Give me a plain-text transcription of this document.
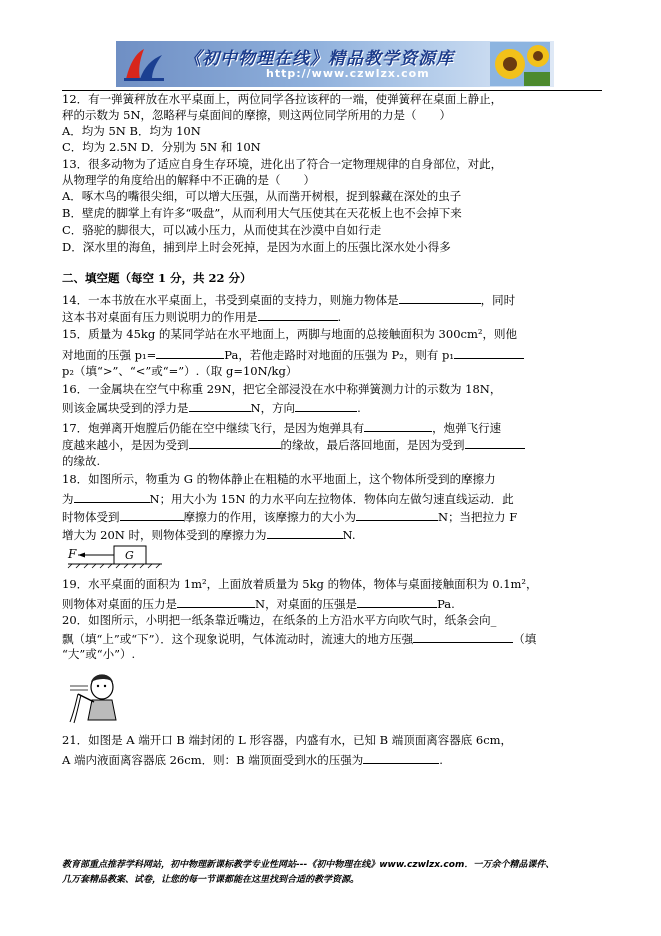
《初中物理在线》精品教学资源库
http://www.czwlzx.com
12．有一弹簧秤放在水平桌面上，两位同学各拉该秤的一端，使弹簧秤在桌面上静止，
秤的示数为 5N，忽略秤与桌面间的摩擦，则这两位同学所用的力是（　　）
A．均为 5N B．均为 10N
C．均为 2.5N D．分别为 5N 和 10N
13．很多动物为了适应自身生存环境，进化出了符合一定物理规律的自身部位，对此，
从物理学的角度给出的解释中不正确的是（　　）
A．啄木鸟的嘴很尖细，可以增大压强，从而凿开树根，捉到躲藏在深处的虫子
B．壁虎的脚掌上有许多“吸盘”，从而利用大气压使其在天花板上也不会掉下来
C．骆驼的脚很大，可以减小压力，从而使其在沙漠中自如行走
D．深水里的海鱼，捕到岸上时会死掉，是因为水面上的压强比深水处小得多
二、填空题（每空 1 分，共 22 分）
14．一本书放在水平桌面上，书受到桌面的支持力，则施力物体是	，同时
这本书对桌面有压力则说明力的作用是	.
15．质量为 45kg 的某同学站在水平地面上，两脚与地面的总接触面积为 300cm²，则他
对地面的压强 p₁=	Pa，若他走路时对地面的压强为 P₂，则有 p₁
p₂（填“>”、“<”或“=”）.（取 g=10N/kg）
16．一金属块在空气中称重 29N，把它全部浸没在水中称弹簧测力计的示数为 18N，
则该金属块受到的浮力是	N，方向	.
17．炮弹离开炮膛后仍能在空中继续飞行，是因为炮弹具有	，炮弹飞行速
度越来越小，是因为受到	的缘故，最后落回地面，是因为受到
的缘故.
18．如图所示，物重为 G 的物体静止在粗糙的水平地面上，这个物体所受到的摩擦力
为	N；用大小为 15N 的力水平向左拉物体．物体向左做匀速直线运动．此
时物体受到	摩擦力的作用，该摩擦力的大小为	N；当把拉力 F
增大为 20N 时，则物体受到的摩擦力为	N.
F	G
19．水平桌面的面积为 1m²，上面放着质量为 5kg 的物体，物体与桌面接触面积为 0.1m²，
则物体对桌面的压力是	N，对桌面的压强是	Pa.
20．如图所示，小明把一纸条靠近嘴边，在纸条的上方沿水平方向吹气时，纸条会向_
飘（填“上”或“下”）．这个现象说明，气体流动时，流速大的地方压强	（填
“大”或“小”）.
21．如图是 A 端开口 B 端封闭的 L 形容器，内盛有水，已知 B 端顶面离容器底 6cm，
A 端内液面离容器底 26cm．则：B 端顶面受到水的压强为	.
教育部重点推荐学科网站，初中物理新课标教学专业性网站---《初中物理在线》www.czwlzx.com．一万余个精品课件、
几万套精品教案、试卷，让您的每一节课都能在这里找到合适的教学资源。
